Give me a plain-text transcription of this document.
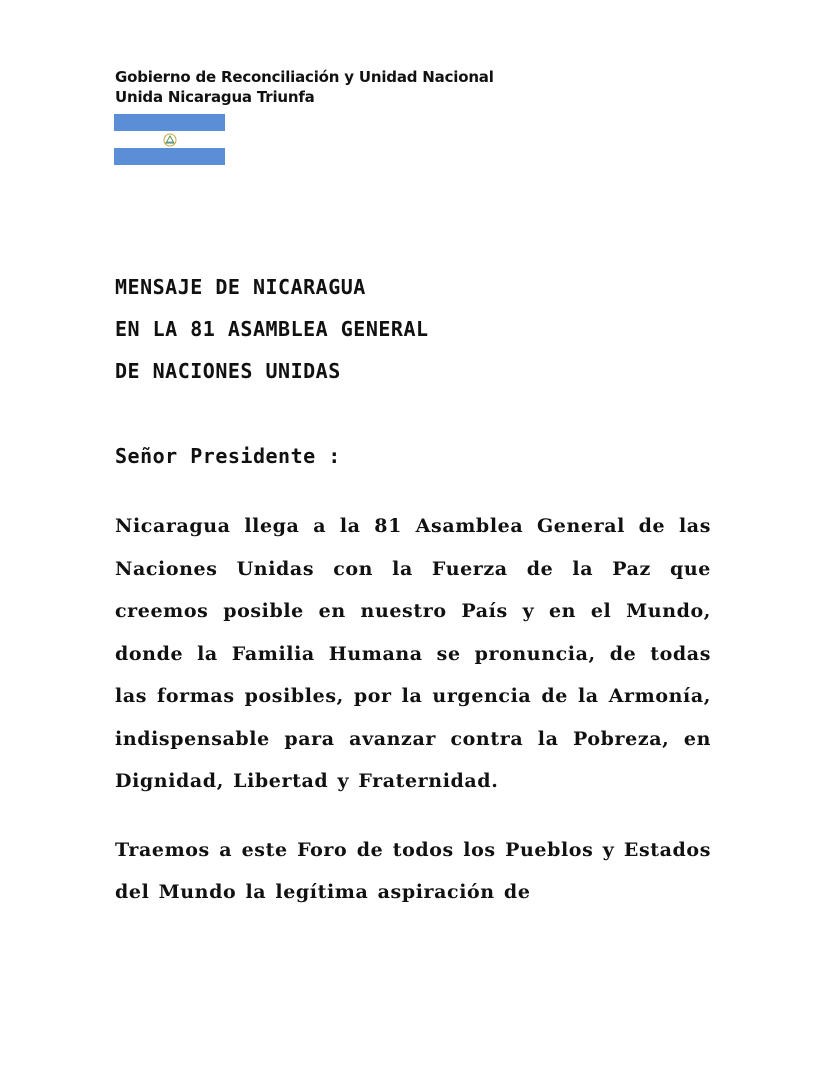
Gobierno de Reconciliación y Unidad Nacional
Unida Nicaragua Triunfa
MENSAJE DE NICARAGUA
EN LA 81 ASAMBLEA GENERAL
DE NACIONES UNIDAS
Señor Presidente :

Nicaragua llega a la 81 Asamblea General de las Naciones Unidas con la Fuerza de la Paz que creemos posible en nuestro País y en el Mundo, donde la Familia Humana se pronuncia, de todas las formas posibles, por la urgencia de la Armonía, indispensable para avanzar contra la Pobreza, en Dignidad, Libertad y Fraternidad.

Traemos a este Foro de todos los Pueblos y Estados del Mundo la legítima aspiración de
